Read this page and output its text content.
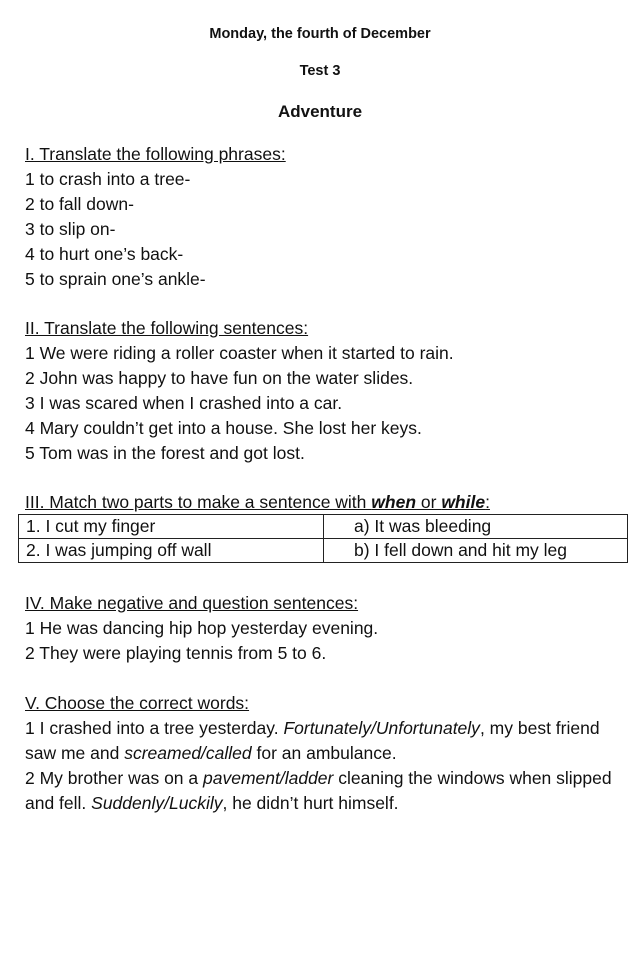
Monday, the fourth of December
Test 3
Adventure
I. Translate the following phrases:
1 to crash into a tree-
2 to fall down-
3 to slip on-
4 to hurt one’s back-
5 to sprain one’s ankle-
II. Translate the following sentences:
1 We were riding a roller coaster when it started to rain.
2 John was happy to have fun on the water slides.
3 I was scared when I crashed into a car.
4 Mary couldn’t get into a house. She lost her keys.
5 Tom was in the forest and got lost.
III. Match two parts to make a sentence with when or while:
1. I cut my finger	a) It was bleeding
2. I was jumping off wall	b) I fell down and hit my leg
IV. Make negative and question sentences:
1 He was dancing hip hop yesterday evening.
2 They were playing tennis from 5 to 6.
V. Choose the correct words:
1 I crashed into a tree yesterday. Fortunately/Unfortunately, my best friend saw me and screamed/called for an ambulance.
2 My brother was on a pavement/ladder cleaning the windows when slipped and fell. Suddenly/Luckily, he didn’t hurt himself.
